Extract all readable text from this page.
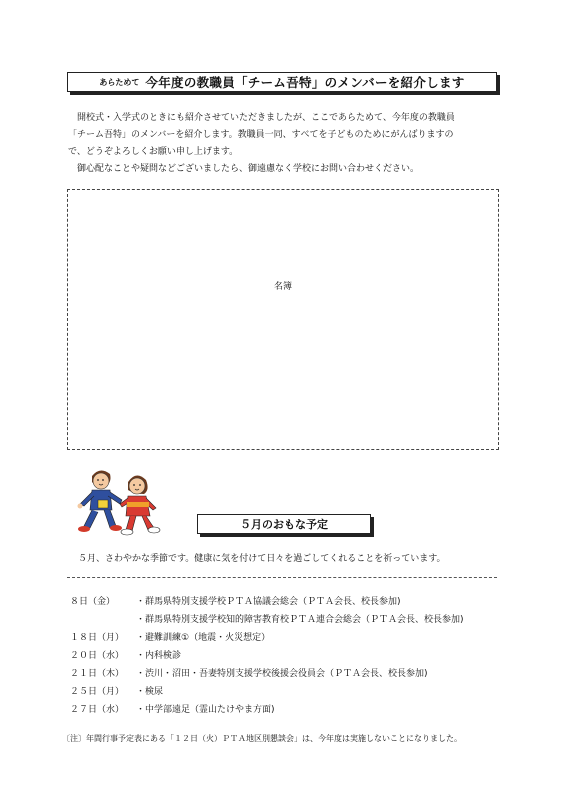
あらためて 今年度の教職員「チーム吾特」のメンバーを紹介します

開校式・入学式のときにも紹介させていただきましたが、ここであらためて、今年度の教職員

「チーム吾特」のメンバーを紹介します。教職員一同、すべてを子どものためにがんばりますの

で、どうぞよろしくお願い申し上げます。

御心配なことや疑問などございましたら、御遠慮なく学校にお問い合わせください。

名簿
５月のおもな予定
５月、さわやかな季節です。健康に気を付けて日々を過ごしてくれることを祈っています。
８日（金）	・群馬県特別支援学校ＰＴＡ協議会総会（ＰＴＡ会長、校長参加)
・群馬県特別支援学校知的障害教育校ＰＴＡ連合会総会（ＰＴＡ会長、校長参加)
１８日（月）	・避難訓練①（地震・火災想定）
２０日（水）	・内科検診
２１日（木）	・渋川・沼田・吾妻特別支援学校後援会役員会（ＰＴＡ会長、校長参加)
２５日（月）	・検尿
２７日（水）	・中学部遠足（霊山たけやま方面)
〔注〕年間行事予定表にある「１２日（火）ＰＴＡ地区別懇談会」は、今年度は実施しないことになりました。
